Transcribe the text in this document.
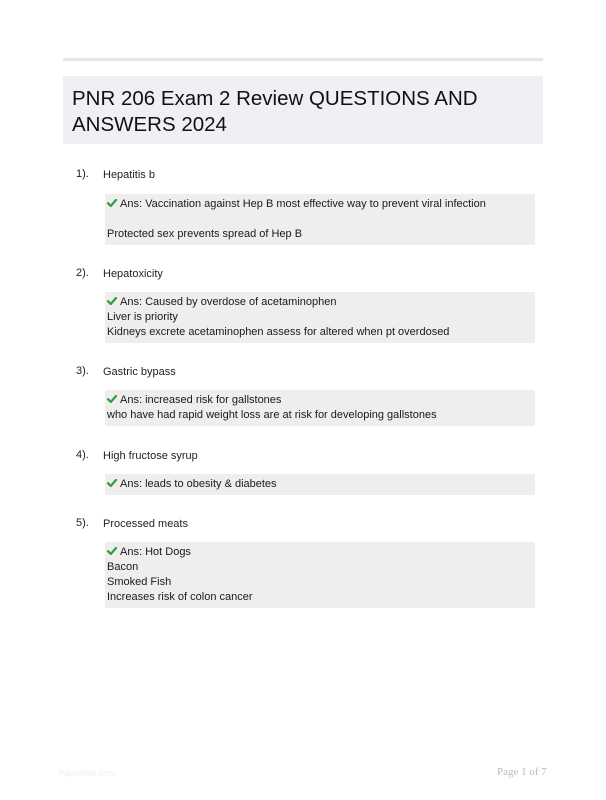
PNR 206 Exam 2 Review QUESTIONS AND ANSWERS 2024
1). Hepatitis b
Ans: Vaccination against Hep B most effective way to prevent viral infection
Protected sex prevents spread of Hep B
2). Hepatoxicity
Ans: Caused by overdose of acetaminophen
Liver is priority
Kidneys excrete acetaminophen assess for altered when pt overdosed
3). Gastric bypass
Ans: increased risk for gallstones
who have had rapid weight loss are at risk for developing gallstones
4). High fructose syrup
Ans: leads to obesity & diabetes
5). Processed meats
Ans: Hot Dogs
Bacon
Smoked Fish
Increases risk of colon cancer
Paperbite.com	Page 1 of 7
